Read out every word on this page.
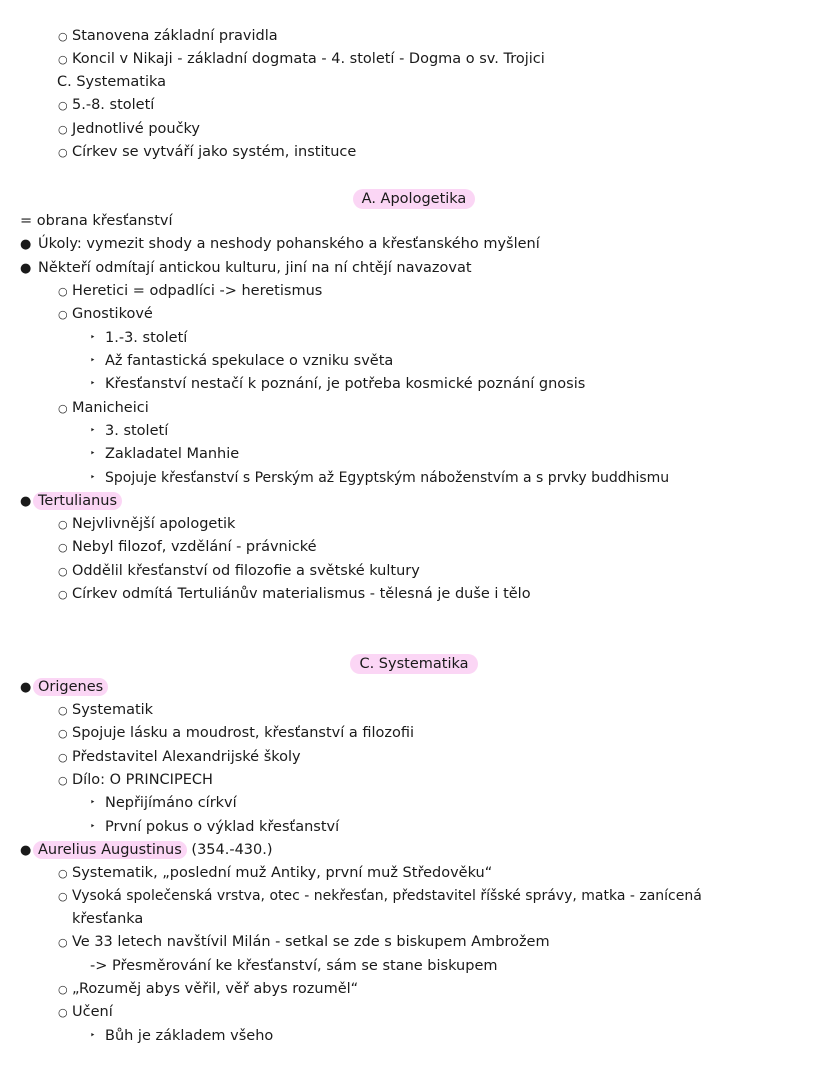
○ Stanovena základní pravidla
○ Koncil v Nikaji - základní dogmata - 4. století - Dogma o sv. Trojici
C. Systematika
○ 5.-8. století
○ Jednotlivé poučky
○ Církev se vytváří jako systém, instituce
A. Apologetika
= obrana křesťanství
● Úkoly: vymezit shody a neshody pohanského a křesťanského myšlení
● Někteří odmítají antickou kulturu, jiní na ní chtějí navazovat
○ Heretici = odpadlíci -> heretismus
○ Gnostikové
‣ 1.-3. století
‣ Až fantastická spekulace o vzniku světa
‣ Křesťanství nestačí k poznání, je potřeba kosmické poznání gnosis
○ Manicheici
‣ 3. století
‣ Zakladatel Manhie
‣ Spojuje křesťanství s Perským až Egyptským náboženstvím a s prvky buddhismu
● Tertulianus
○ Nejvlivnější apologetik
○ Nebyl filozof, vzdělání - právnické
○ Oddělil křesťanství od filozofie a světské kultury
○ Církev odmítá Tertuliánův materialismus - tělesná je duše i tělo
C. Systematika
● Origenes
○ Systematik
○ Spojuje lásku a moudrost, křesťanství a filozofii
○ Představitel Alexandrijské školy
○ Dílo: O PRINCIPECH
‣ Nepřijímáno církví
‣ První pokus o výklad křesťanství
● Aurelius Augustinus (354.-430.)
○ Systematik, „poslední muž Antiky, první muž Středověku“
○ Vysoká společenská vrstva, otec - nekřesťan, představitel říšské správy, matka - zanícená
křesťanka
○ Ve 33 letech navštívil Milán - setkal se zde s biskupem Ambrožem
-> Přesměrování ke křesťanství, sám se stane biskupem
○ „Rozuměj abys věřil, věř abys rozuměl“
○ Učení
‣ Bůh je základem všeho
